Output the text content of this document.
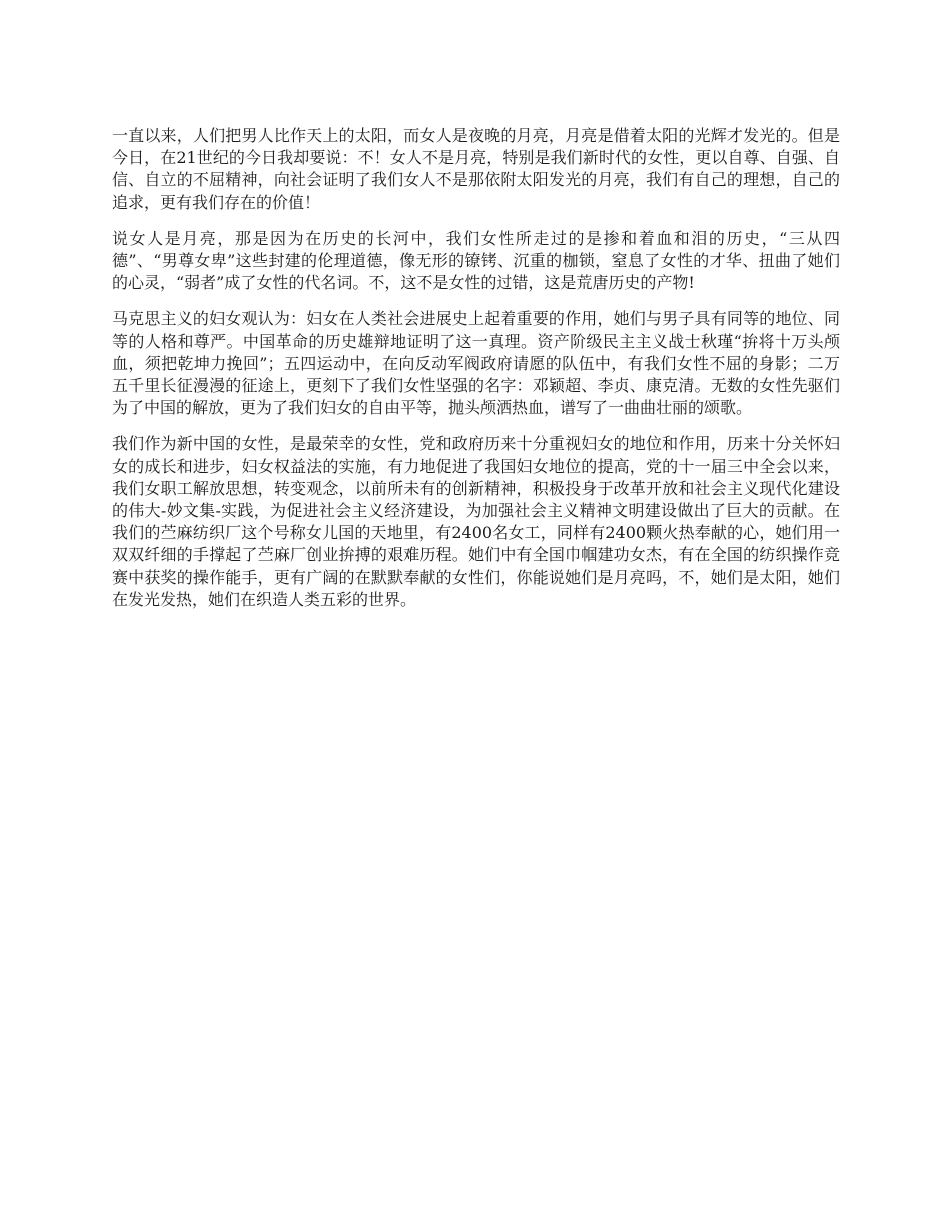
一直以来，人们把男人比作天上的太阳，而女人是夜晚的月亮，月亮是借着太阳的光辉才发光的。但是今日，在21世纪的今日我却要说：不！女人不是月亮，特别是我们新时代的女性，更以自尊、自强、自信、自立的不屈精神，向社会证明了我们女人不是那依附太阳发光的月亮，我们有自己的理想，自己的追求，更有我们存在的价值！

说女人是月亮，那是因为在历史的长河中，我们女性所走过的是掺和着血和泪的历史，“三从四德”、“男尊女卑”这些封建的伦理道德，像无形的镣铐、沉重的枷锁，窒息了女性的才华、扭曲了她们的心灵，“弱者”成了女性的代名词。不，这不是女性的过错，这是荒唐历史的产物!

马克思主义的妇女观认为：妇女在人类社会进展史上起着重要的作用，她们与男子具有同等的地位、同等的人格和尊严。中国革命的历史雄辩地证明了这一真理。资产阶级民主主义战士秋瑾“拚将十万头颅血，须把乾坤力挽回”；五四运动中，在向反动军阀政府请愿的队伍中，有我们女性不屈的身影；二万五千里长征漫漫的征途上，更刻下了我们女性坚强的名字：邓颖超、李贞、康克清。无数的女性先驱们为了中国的解放，更为了我们妇女的自由平等，抛头颅洒热血，谱写了一曲曲壮丽的颂歌。

我们作为新中国的女性，是最荣幸的女性，党和政府历来十分重视妇女的地位和作用，历来十分关怀妇女的成长和进步，妇女权益法的实施，有力地促进了我国妇女地位的提高，党的十一届三中全会以来，我们女职工解放思想，转变观念，以前所未有的创新精神，积极投身于改革开放和社会主义现代化建设的伟大-妙文集-实践，为促进社会主义经济建设，为加强社会主义精神文明建设做出了巨大的贡献。在我们的苎麻纺织厂这个号称女儿国的天地里，有2400名女工，同样有2400颗火热奉献的心，她们用一双双纤细的手撑起了苎麻厂创业拚搏的艰难历程。她们中有全国巾帼建功女杰，有在全国的纺织操作竞赛中获奖的操作能手，更有广阔的在默默奉献的女性们，你能说她们是月亮吗，不，她们是太阳，她们在发光发热，她们在织造人类五彩的世界。
